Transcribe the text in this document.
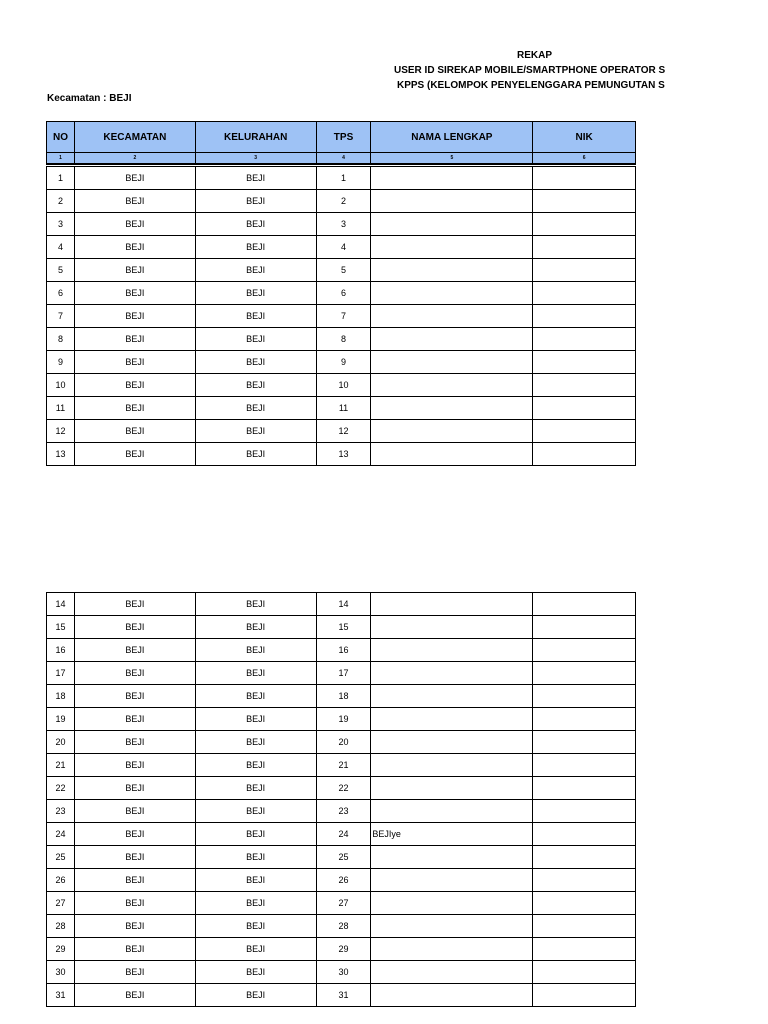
REKAP
USER ID SIREKAP MOBILE/SMARTPHONE OPERATOR S
KPPS (KELOMPOK PENYELENGGARA PEMUNGUTAN S
Kecamatan : BEJI
NO	KECAMATAN	KELURAHAN	TPS	NAMA LENGKAP	NIK
1	2	3	4	5	6
1	BEJI	BEJI	1		
2	BEJI	BEJI	2		
3	BEJI	BEJI	3		
4	BEJI	BEJI	4		
5	BEJI	BEJI	5		
6	BEJI	BEJI	6		
7	BEJI	BEJI	7		
8	BEJI	BEJI	8		
9	BEJI	BEJI	9		
10	BEJI	BEJI	10		
11	BEJI	BEJI	11		
12	BEJI	BEJI	12		
13	BEJI	BEJI	13		
14	BEJI	BEJI	14		
15	BEJI	BEJI	15		
16	BEJI	BEJI	16		
17	BEJI	BEJI	17		
18	BEJI	BEJI	18		
19	BEJI	BEJI	19		
20	BEJI	BEJI	20		
21	BEJI	BEJI	21		
22	BEJI	BEJI	22		
23	BEJI	BEJI	23		
24	BEJI	BEJI	24	BEJIye	
25	BEJI	BEJI	25		
26	BEJI	BEJI	26		
27	BEJI	BEJI	27		
28	BEJI	BEJI	28		
29	BEJI	BEJI	29		
30	BEJI	BEJI	30		
31	BEJI	BEJI	31		
